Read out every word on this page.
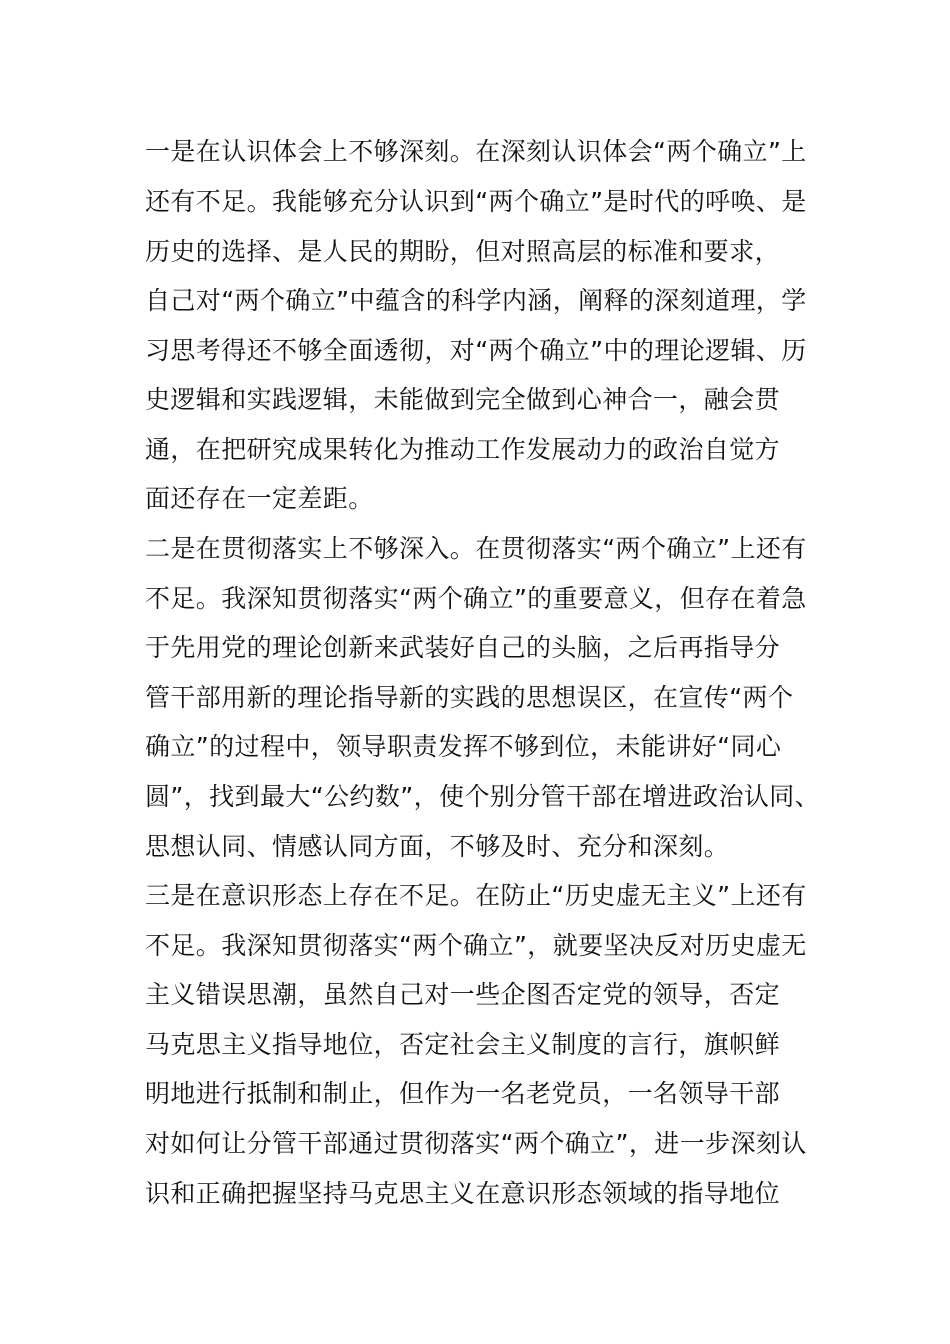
一是在认识体会上不够深刻。在深刻认识体会“两个确立”上
还有不足。我能够充分认识到“两个确立”是时代的呼唤、是
历史的选择、是人民的期盼，但对照高层的标准和要求，
自己对“两个确立”中蕴含的科学内涵，阐释的深刻道理，学
习思考得还不够全面透彻，对“两个确立”中的理论逻辑、历
史逻辑和实践逻辑，未能做到完全做到心神合一，融会贯
通，在把研究成果转化为推动工作发展动力的政治自觉方
面还存在一定差距。
二是在贯彻落实上不够深入。在贯彻落实“两个确立”上还有
不足。我深知贯彻落实“两个确立”的重要意义，但存在着急
于先用党的理论创新来武装好自己的头脑，之后再指导分
管干部用新的理论指导新的实践的思想误区，在宣传“两个
确立”的过程中，领导职责发挥不够到位，未能讲好“同心
圆”，找到最大“公约数”，使个别分管干部在增进政治认同、
思想认同、情感认同方面，不够及时、充分和深刻。
三是在意识形态上存在不足。在防止“历史虚无主义”上还有
不足。我深知贯彻落实“两个确立”，就要坚决反对历史虚无
主义错误思潮，虽然自己对一些企图否定党的领导，否定
马克思主义指导地位，否定社会主义制度的言行，旗帜鲜
明地进行抵制和制止，但作为一名老党员，一名领导干部
对如何让分管干部通过贯彻落实“两个确立”，进一步深刻认
识和正确把握坚持马克思主义在意识形态领域的指导地位
